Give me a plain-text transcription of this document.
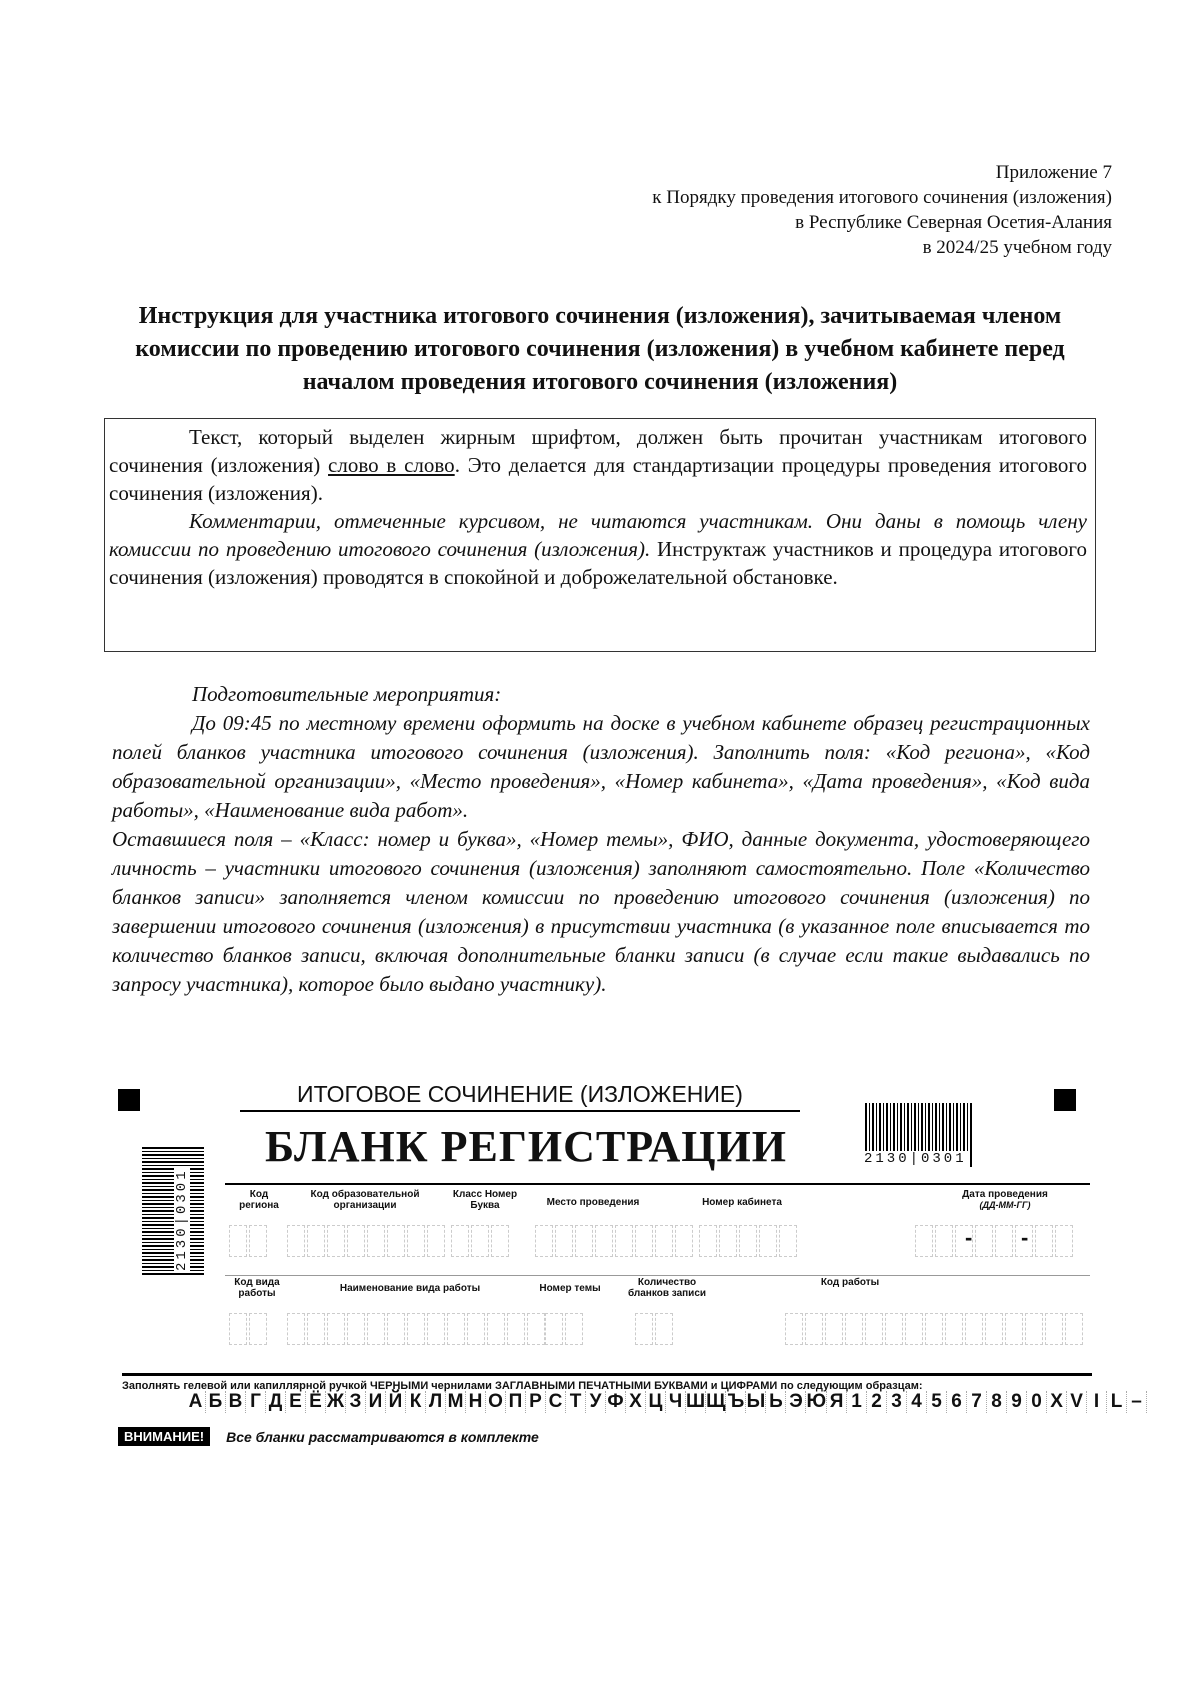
Приложение 7
к Порядку проведения итогового сочинения (изложения)
в Республике Северная Осетия-Алания
в 2024/25 учебном году
Инструкция для участника итогового сочинения (изложения), зачитываемая членом комиссии по проведению итогового сочинения (изложения) в учебном кабинете перед началом проведения итогового сочинения (изложения)

Текст, который выделен жирным шрифтом, должен быть прочитан участникам итогового сочинения (изложения) слово в слово. Это делается для стандартизации процедуры проведения итогового сочинения (изложения).

Комментарии, отмеченные курсивом, не читаются участникам. Они даны в помощь члену комиссии по проведению итогового сочинения (изложения). Инструктаж участников и процедура итогового сочинения (изложения) проводятся в спокойной и доброжелательной обстановке.

Подготовительные мероприятия:

До 09:45 по местному времени оформить на доске в учебном кабинете образец регистрационных полей бланков участника итогового сочинения (изложения). Заполнить поля: «Код региона», «Код образовательной организации», «Место проведения», «Номер кабинета», «Дата проведения», «Код вида работы», «Наименование вида работ».

Оставшиеся поля – «Класс: номер и буква», «Номер темы», ФИО, данные документа, удостоверяющего личность – участники итогового сочинения (изложения) заполняют самостоятельно. Поле «Количество бланков записи» заполняется членом комиссии по проведению итогового сочинения (изложения) по завершении итогового сочинения (изложения) в присутствии участника (в указанное поле вписывается то количество бланков записи, включая дополнительные бланки записи (в случае если такие выдавались по запросу участника), которое было выдано участнику).

ИТОГОВОЕ СОЧИНЕНИЕ (ИЗЛОЖЕНИЕ)
БЛАНК РЕГИСТРАЦИИ	2130|0301
2130|0301	Код региона
Код образовательной организации
Класс Номер Буква	Место проведения	Номер кабинета
Дата проведения
(ДД-ММ-ГГ)
- -
Код вида работы	Наименование вида работы	Номер темы
Количество бланков записи
Код работы
Заполнять гелевой или капиллярной ручкой ЧЕРНЫМИ чернилами ЗАГЛАВНЫМИ ПЕЧАТНЫМИ БУКВАМИ и ЦИФРАМИ по следующим образцам:
А Б В Г Д Е Ё Ж З И Й К Л М Н О П Р С Т У Ф Х Ц Ч Ш Щ Ъ Ы Ь Э Ю Я 1 2 3 4 5 6 7 8 9 0 Х V I L –
ВНИМАНИЕ!	Все бланки рассматриваются в комплекте
